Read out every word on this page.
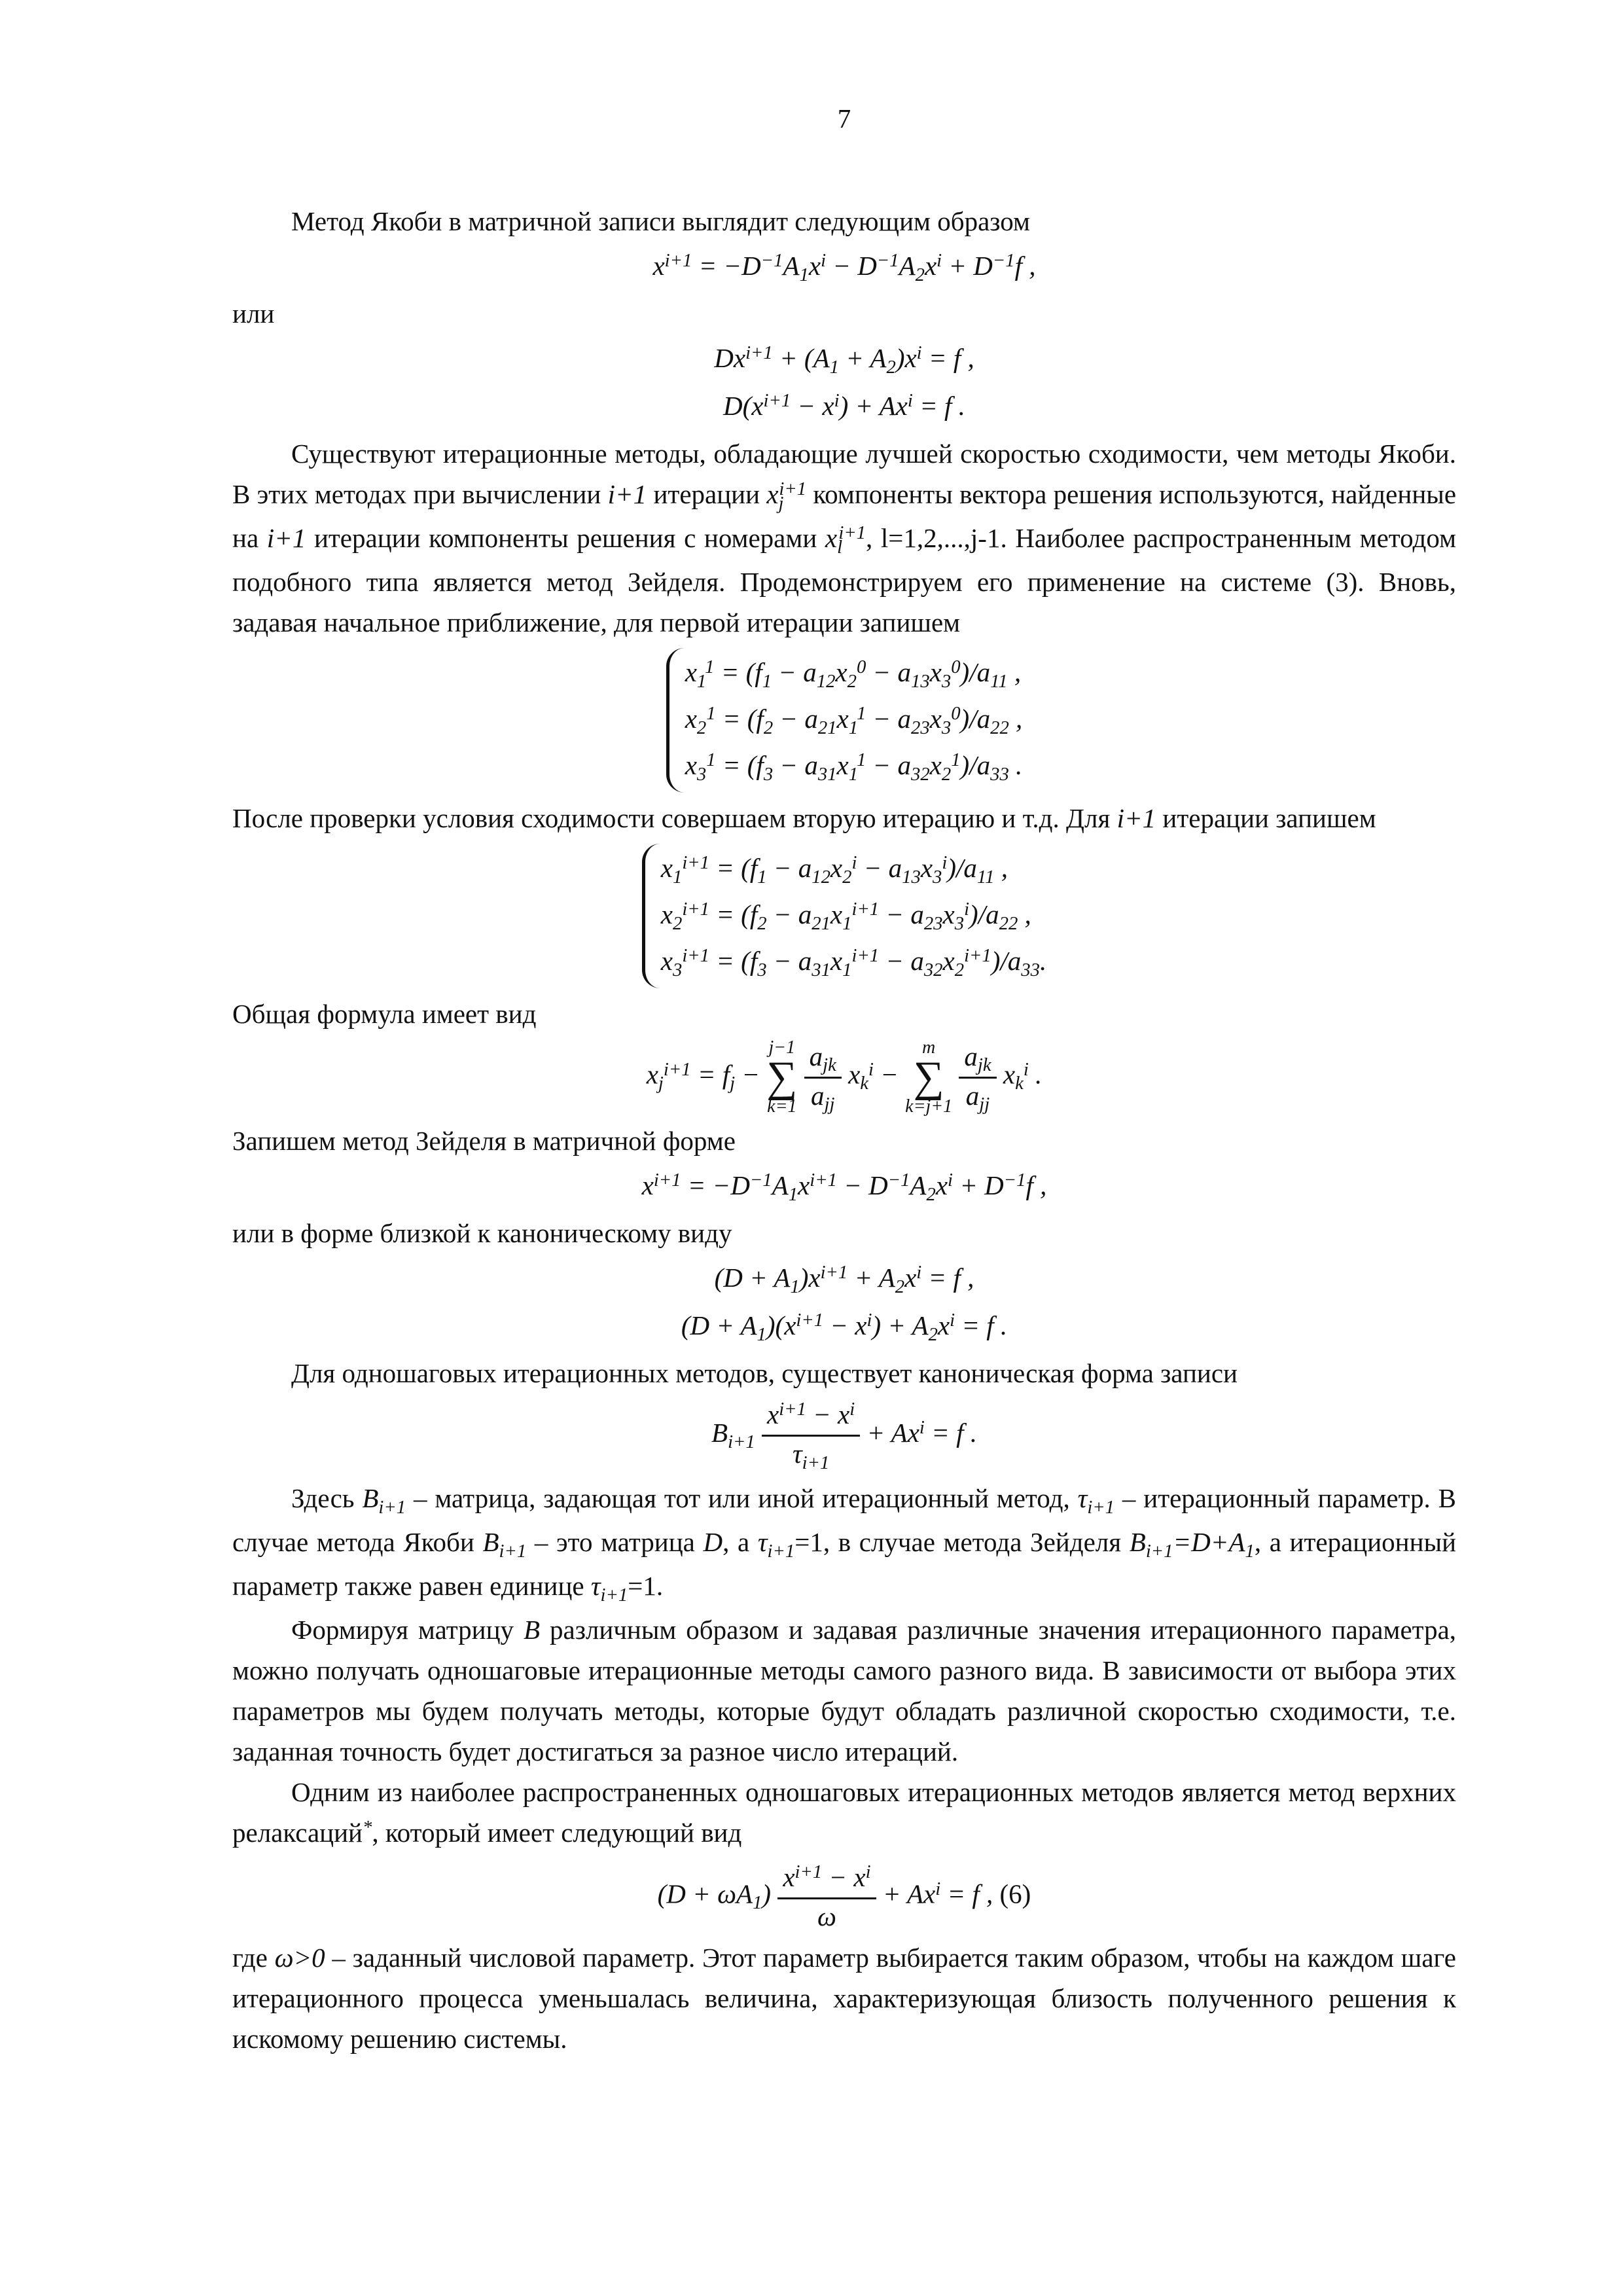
7

Метод Якоби в матричной записи выглядит следующим образом

$x^{i+1} = -D^{-1}A_1x^i - D^{-1}A_2x^i + D^{-1}f$ ,

или

$Dx^{i+1} + (A_1 + A_2)x^i = f$ ,
$D(x^{i+1} - x^i) + Ax^i = f$ .

Существуют итерационные методы, обладающие лучшей скоростью сходимости, чем методы Якоби. В этих методах при вычислении i+1 итерации $x_j^{i+1}$ компоненты вектора решения используются, найденные на i+1 итерации компоненты решения с номерами $x_l^{i+1}$, l=1,2,...,j-1. Наиболее распространенным методом подобного типа является метод Зейделя. Продемонстрируем его применение на системе (3). Вновь, задавая начальное приближение, для первой итерации запишем

$x_1^1 = (f_1 - a_{12}x_2^0 - a_{13}x_3^0)/a_{11}$ ,
$x_2^1 = (f_2 - a_{21}x_1^1 - a_{23}x_3^0)/a_{22}$ ,
$x_3^1 = (f_3 - a_{31}x_1^1 - a_{32}x_2^1)/a_{33}$ .

После проверки условия сходимости совершаем вторую итерацию и т.д. Для i+1 итерации запишем

$x_1^{i+1} = (f_1 - a_{12}x_2^i - a_{13}x_3^i)/a_{11}$ ,
$x_2^{i+1} = (f_2 - a_{21}x_1^{i+1} - a_{23}x_3^i)/a_{22}$ ,
$x_3^{i+1} = (f_3 - a_{31}x_1^{i+1} - a_{32}x_2^{i+1})/a_{33}$.

Общая формула имеет вид

$x_j^{i+1} = f_j$ −
j−1
∑
k=1
$\frac{a_{jk}}{a_{jj}} x_k^i$ −
m
∑
k=j+1
$\frac{a_{jk}}{a_{jj}} x_k^i$ .

Запишем метод Зейделя в матричной форме

$x^{i+1} = -D^{-1}A_1x^{i+1} - D^{-1}A_2x^i + D^{-1}f$ ,

или в форме близкой к каноническому виду

$(D + A_1)x^{i+1} + A_2x^i = f$ ,
$(D + A_1)(x^{i+1} - x^i) + A_2x^i = f$ .

Для одношаговых итерационных методов, существует каноническая форма записи

$B_{i+1} \frac{x^{i+1} - x^i}{\tau_{i+1}} + Ax^i = f$ .

Здесь $B_{i+1}$ – матрица, задающая тот или иной итерационный метод, $\tau_{i+1}$ – итерационный параметр. В случае метода Якоби $B_{i+1}$ – это матрица D, а $\tau_{i+1}=1$, в случае метода Зейделя $B_{i+1}=D+A_1$, а итерационный параметр также равен единице $\tau_{i+1}=1$.

Формируя матрицу B различным образом и задавая различные значения итерационного параметра, можно получать одношаговые итерационные методы самого разного вида. В зависимости от выбора этих параметров мы будем получать методы, которые будут обладать различной скоростью сходимости, т.е. заданная точность будет достигаться за разное число итераций.

Одним из наиболее распространенных одношаговых итерационных методов является метод верхних релаксаций*, который имеет следующий вид

$(D + \omega A_1) \frac{x^{i+1} - x^i}{\omega} + Ax^i = f$ , (6)

где ω>0 – заданный числовой параметр. Этот параметр выбирается таким образом, чтобы на каждом шаге итерационного процесса уменьшалась величина, характеризующая близость полученного решения к искомому решению системы.
